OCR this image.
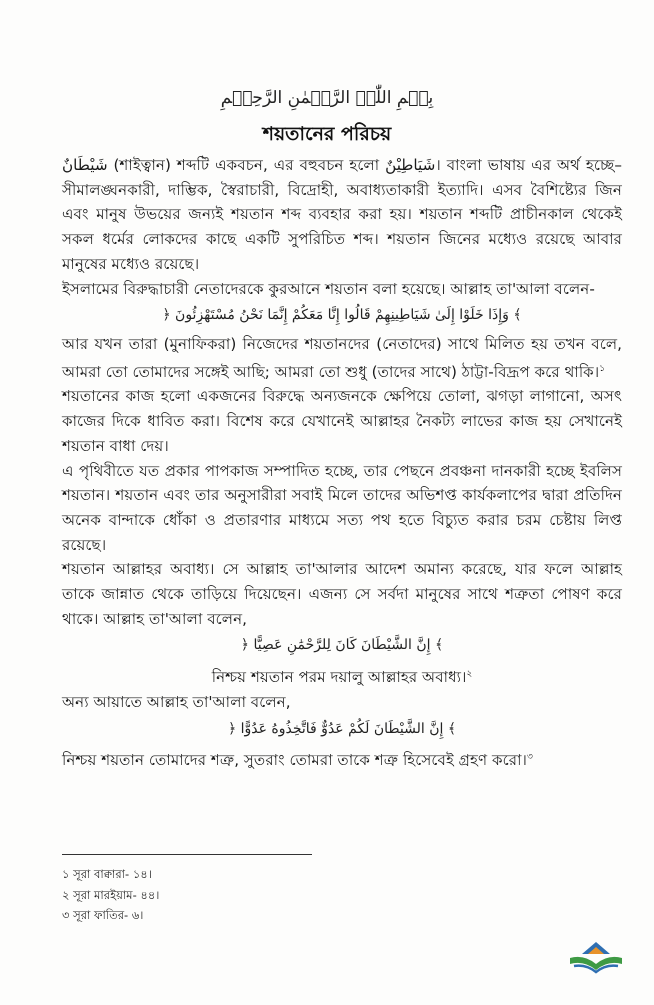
بِسۡمِ اللّٰہِ الرَّحۡمٰنِ الرَّحِیۡمِ
শয়তানের পরিচয়

شَيْطَانٌ (শাইত্বান) শব্দটি একবচন, এর বহুবচন হলো شَيَاطِيْنٌ। বাংলা ভাষায় এর অর্থ হচ্ছে– সীমালঙ্ঘনকারী, দাম্ভিক, স্বৈরাচারী, বিদ্রোহী, অবাধ্যতাকারী ইত্যাদি। এসব বৈশিষ্ট্যের জিন এবং মানুষ উভয়ের জন্যই শয়তান শব্দ ব্যবহার করা হয়। শয়তান শব্দটি প্রাচীনকাল থেকেই সকল ধর্মের লোকদের কাছে একটি সুপরিচিত শব্দ। শয়তান জিনের মধ্যেও রয়েছে আবার মানুষের মধ্যেও রয়েছে।

ইসলামের বিরুদ্ধাচারী নেতাদেরকে কুরআনে শয়তান বলা হয়েছে। আল্লাহ তা'আলা বলেন-

﴿ وَإِذَا خَلَوْا إِلَىٰ شَيَاطِينِهِمْ قَالُوا إِنَّا مَعَكُمْ إِنَّمَا نَحْنُ مُسْتَهْزِئُونَ ﴾

আর যখন তারা (মুনাফিকরা) নিজেদের শয়তানদের (নেতাদের) সাথে মিলিত হয় তখন বলে, আমরা তো তোমাদের সঙ্গেই আছি; আমরা তো শুধু (তাদের সাথে) ঠাট্টা-বিদ্রূপ করে থাকি।$^১$

শয়তানের কাজ হলো একজনের বিরুদ্ধে অন্যজনকে ক্ষেপিয়ে তোলা, ঝগড়া লাগানো, অসৎ কাজের দিকে ধাবিত করা। বিশেষ করে যেখানেই আল্লাহর নৈকট্য লাভের কাজ হয় সেখানেই শয়তান বাধা দেয়।

এ পৃথিবীতে যত প্রকার পাপকাজ সম্পাদিত হচ্ছে, তার পেছনে প্রবঞ্চনা দানকারী হচ্ছে ইবলিস শয়তান। শয়তান এবং তার অনুসারীরা সবাই মিলে তাদের অভিশপ্ত কার্যকলাপের দ্বারা প্রতিদিন অনেক বান্দাকে ধোঁকা ও প্রতারণার মাধ্যমে সত্য পথ হতে বিচ্যুত করার চরম চেষ্টায় লিপ্ত রয়েছে।

শয়তান আল্লাহর অবাধ্য। সে আল্লাহ তা'আলার আদেশ অমান্য করেছে, যার ফলে আল্লাহ তাকে জান্নাত থেকে তাড়িয়ে দিয়েছেন। এজন্য সে সর্বদা মানুষের সাথে শত্রুতা পোষণ করে থাকে। আল্লাহ তা'আলা বলেন,

﴿ إِنَّ الشَّيْطَانَ كَانَ لِلرَّحْمَٰنِ عَصِيًّا ﴾

নিশ্চয় শয়তান পরম দয়ালু আল্লাহর অবাধ্য।$^২$

অন্য আয়াতে আল্লাহ তা'আলা বলেন,

﴿ إِنَّ الشَّيْطَانَ لَكُمْ عَدُوٌّ فَاتَّخِذُوهُ عَدُوًّا ﴾

নিশ্চয় শয়তান তোমাদের শত্রু, সুতরাং তোমরা তাকে শত্রু হিসেবেই গ্রহণ করো।$^৩$

১ সূরা বাক্বারা- ১৪।
২ সূরা মারইয়াম- ৪৪।
৩ সূরা ফাতির- ৬।
